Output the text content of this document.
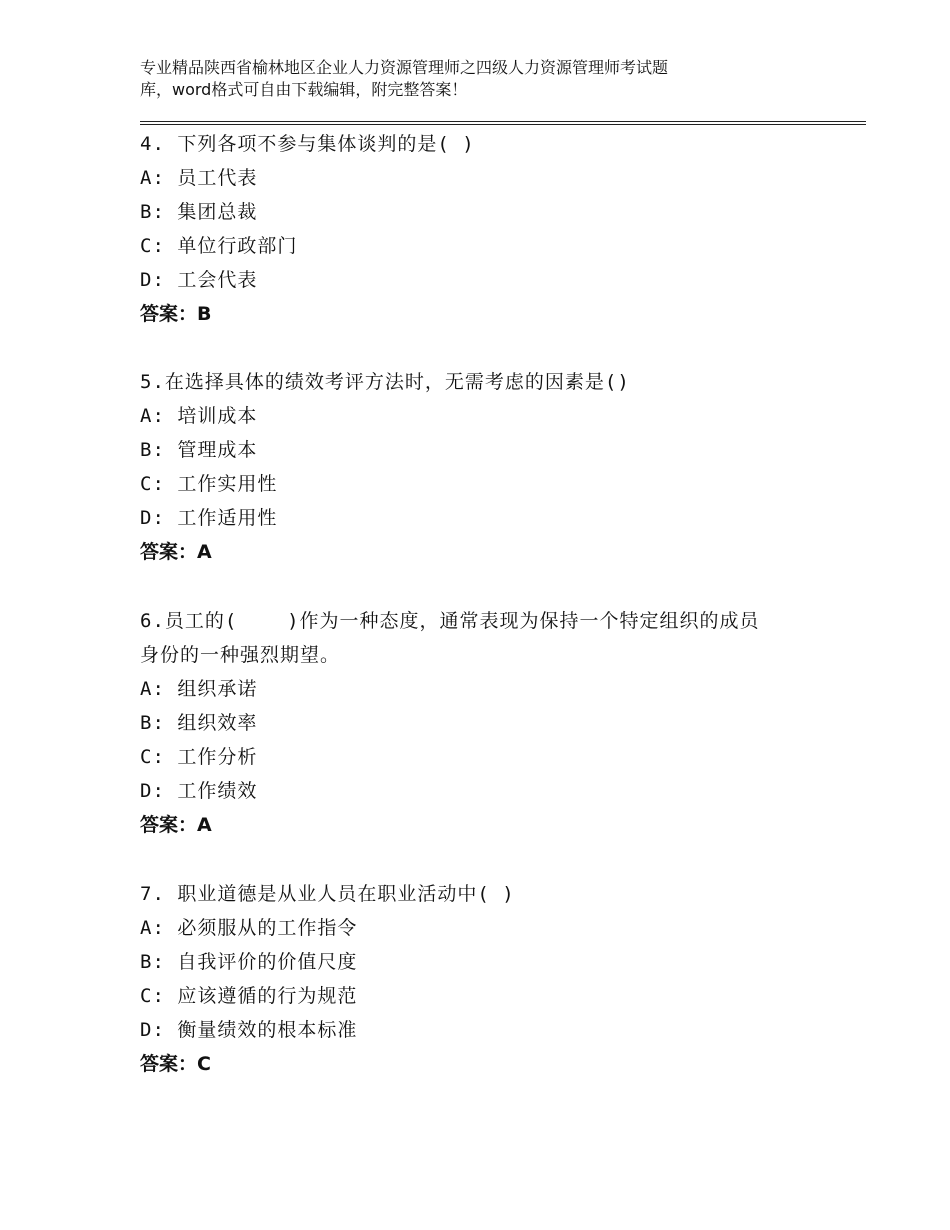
专业精品陕西省榆林地区企业人力资源管理师之四级人力资源管理师考试题
库，word格式可自由下载编辑，附完整答案！

4. 下列各项不参与集体谈判的是( )

A: 员工代表

B: 集团总裁

C: 单位行政部门

D: 工会代表

答案：B

5.在选择具体的绩效考评方法时，无需考虑的因素是()

A: 培训成本

B: 管理成本

C: 工作实用性

D: 工作适用性

答案：A

6.员工的(    )作为一种态度，通常表现为保持一个特定组织的成员

身份的一种强烈期望。

A: 组织承诺

B: 组织效率

C: 工作分析

D: 工作绩效

答案：A

7. 职业道德是从业人员在职业活动中( )

A: 必须服从的工作指令

B: 自我评价的价值尺度

C: 应该遵循的行为规范

D: 衡量绩效的根本标准

答案：C
